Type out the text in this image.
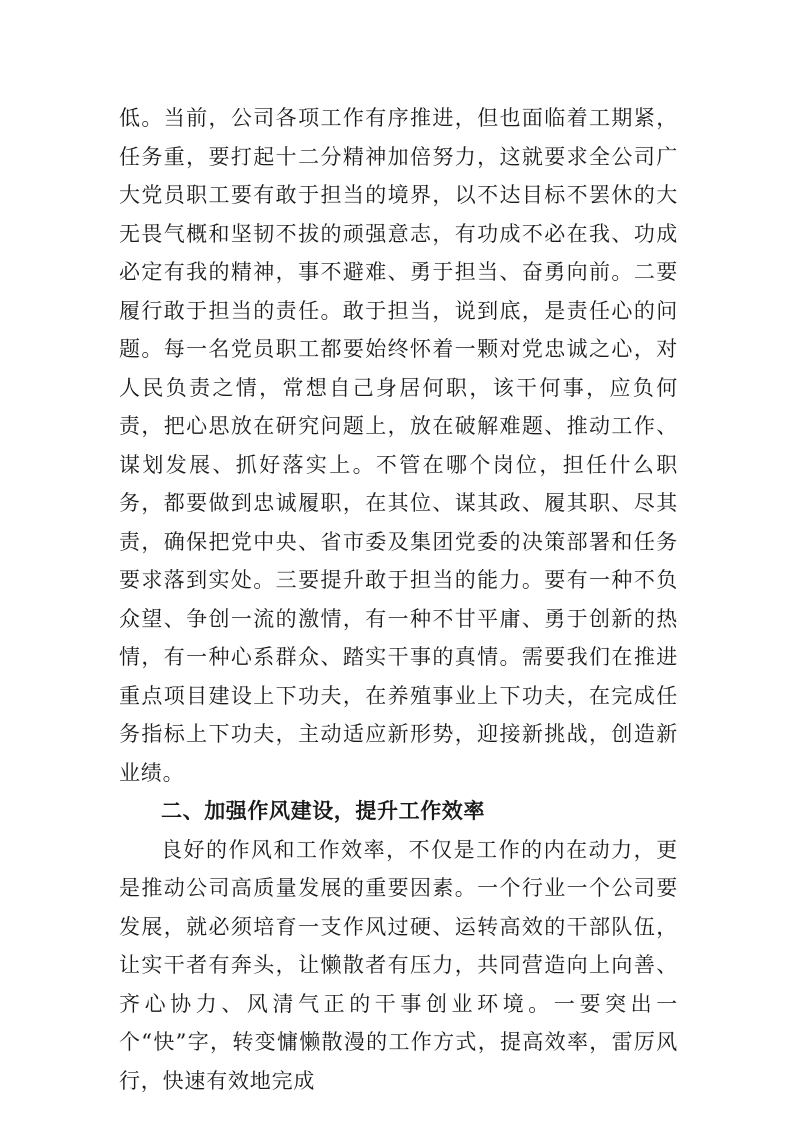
低。当前，公司各项工作有序推进，但也面临着工期紧，任务重，要打起十二分精神加倍努力，这就要求全公司广大党员职工要有敢于担当的境界，以不达目标不罢休的大无畏气概和坚韧不拔的顽强意志，有功成不必在我、功成必定有我的精神，事不避难、勇于担当、奋勇向前。二要履行敢于担当的责任。敢于担当，说到底，是责任心的问题。每一名党员职工都要始终怀着一颗对党忠诚之心，对人民负责之情，常想自己身居何职，该干何事，应负何责，把心思放在研究问题上，放在破解难题、推动工作、谋划发展、抓好落实上。不管在哪个岗位，担任什么职务，都要做到忠诚履职，在其位、谋其政、履其职、尽其责，确保把党中央、省市委及集团党委的决策部署和任务要求落到实处。三要提升敢于担当的能力。要有一种不负众望、争创一流的激情，有一种不甘平庸、勇于创新的热情，有一种心系群众、踏实干事的真情。需要我们在推进重点项目建设上下功夫，在养殖事业上下功夫，在完成任务指标上下功夫，主动适应新形势，迎接新挑战，创造新业绩。

二、加强作风建设，提升工作效率

良好的作风和工作效率，不仅是工作的内在动力，更是推动公司高质量发展的重要因素。一个行业一个公司要发展，就必须培育一支作风过硬、运转高效的干部队伍，让实干者有奔头，让懒散者有压力，共同营造向上向善、齐心协力、风清气正的干事创业环境。一要突出一个“快”字，转变慵懒散漫的工作方式，提高效率，雷厉风行，快速有效地完成
